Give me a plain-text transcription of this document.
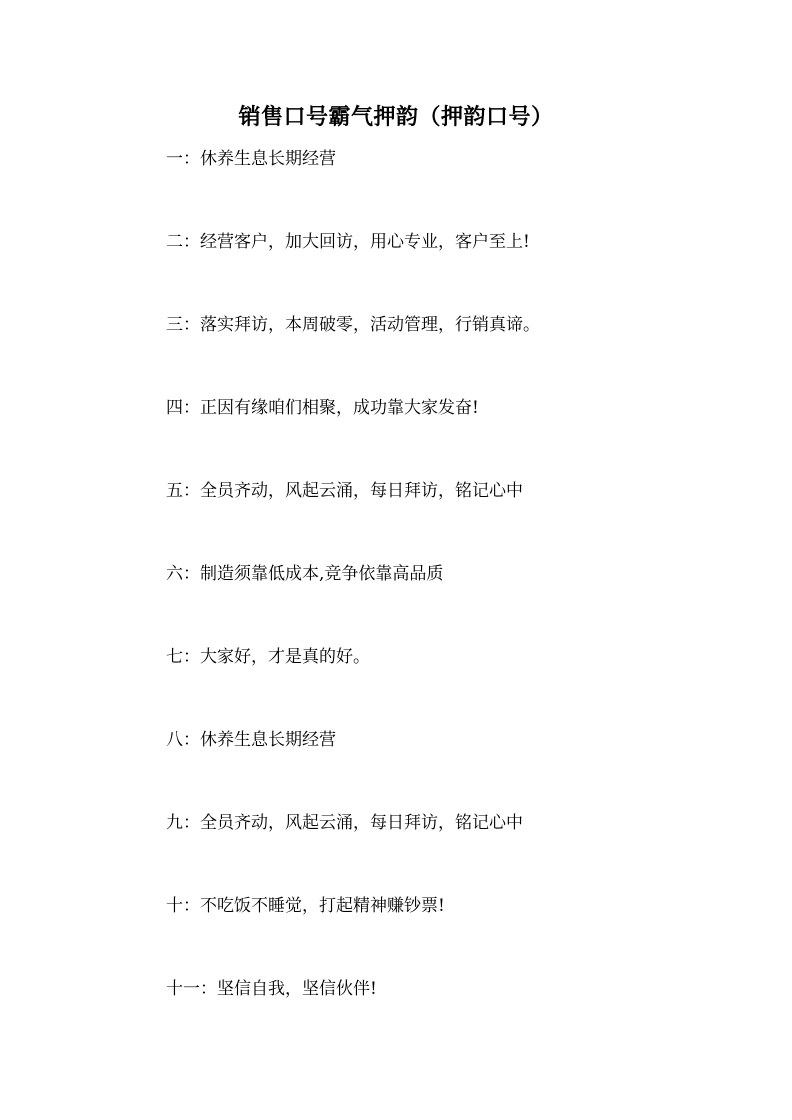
销售口号霸气押韵（押韵口号）
一：休养生息长期经营
二：经营客户，加大回访，用心专业，客户至上!
三：落实拜访，本周破零，活动管理，行销真谛。
四：正因有缘咱们相聚，成功靠大家发奋!
五：全员齐动，风起云涌，每日拜访，铭记心中
六：制造须靠低成本,竞争依靠高品质
七：大家好，才是真的好。
八：休养生息长期经营
九：全员齐动，风起云涌，每日拜访，铭记心中
十：不吃饭不睡觉，打起精神赚钞票!
十一：坚信自我，坚信伙伴!
